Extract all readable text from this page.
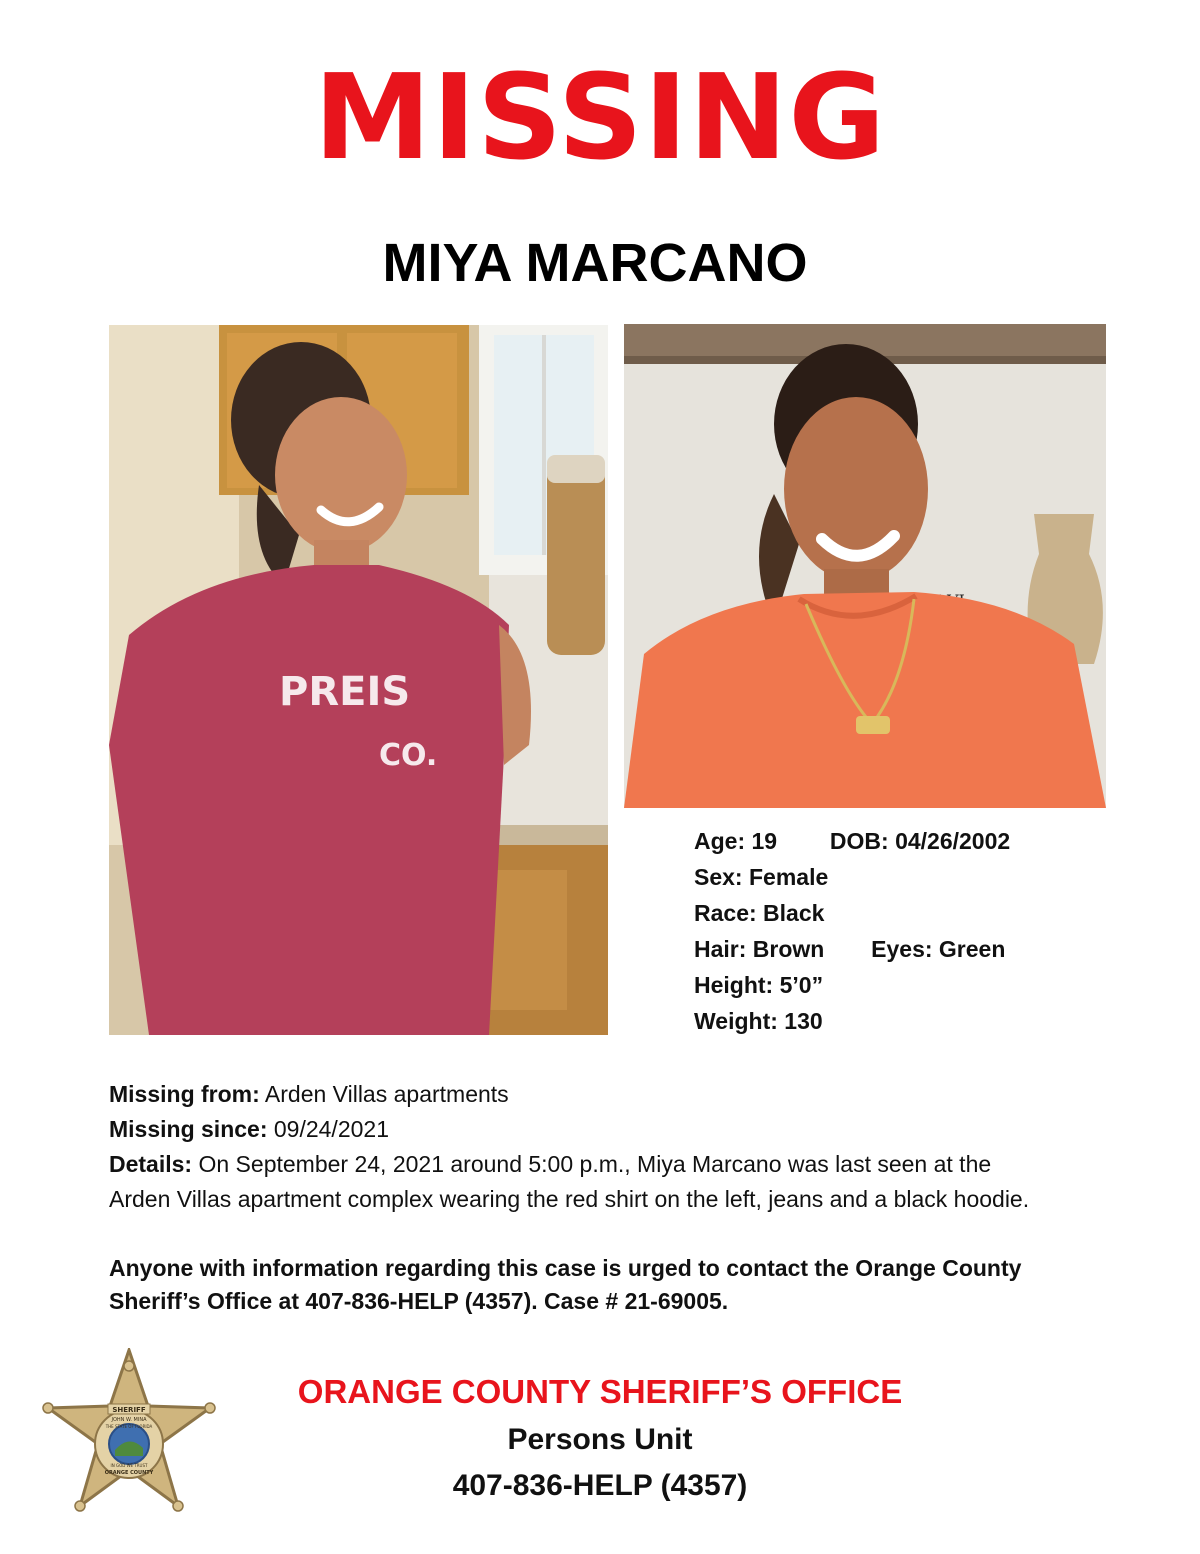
MISSING
MIYA MARCANO
PREIS
CO.
Age: 19 DOB: 04/26/2002
Sex: Female
Race: Black
Hair: Brown Eyes: Green
Height: 5’0”
Weight: 130
Missing from: Arden Villas apartments
Missing since: 09/24/2021
Details: On September 24, 2021 around 5:00 p.m., Miya Marcano was last seen at the
Arden Villas apartment complex wearing the red shirt on the left, jeans and a black hoodie.
Anyone with information regarding this case is urged to contact the Orange County
Sheriff’s Office at 407-836-HELP (4357). Case # 21-69005.
SHERIFF
JOHN W. MINA
THE STATE OF FLORIDA
IN GOD WE TRUST
ORANGE COUNTY
ORANGE COUNTY SHERIFF’S OFFICE
Persons Unit
407-836-HELP (4357)
